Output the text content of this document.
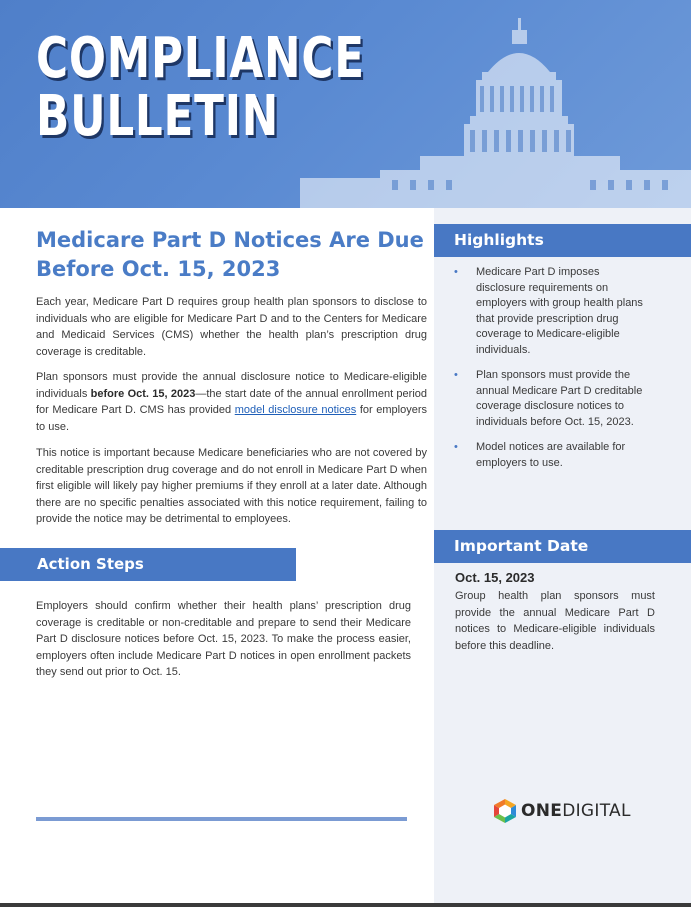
COMPLIANCE
BULLETIN
Medicare Part D Notices Are Due
Before Oct. 15, 2023

Each year, Medicare Part D requires group health plan sponsors to disclose to individuals who are eligible for Medicare Part D and to the Centers for Medicare and Medicaid Services (CMS) whether the health plan’s prescription drug coverage is creditable.

Plan sponsors must provide the annual disclosure notice to Medicare-eligible individuals before Oct. 15, 2023—the start date of the annual enrollment period for Medicare Part D. CMS has provided model disclosure notices for employers to use.

This notice is important because Medicare beneficiaries who are not covered by creditable prescription drug coverage and do not enroll in Medicare Part D when first eligible will likely pay higher premiums if they enroll at a later date. Although there are no specific penalties associated with this notice requirement, failing to provide the notice may be detrimental to employees.

Action Steps

Employers should confirm whether their health plans’ prescription drug coverage is creditable or non-creditable and prepare to send their Medicare Part D disclosure notices before Oct. 15, 2023. To make the process easier, employers often include Medicare Part D notices in open enrollment packets they send out prior to Oct. 15.

Highlights
• Medicare Part D imposes disclosure requirements on employers with group health plans that provide prescription drug coverage to Medicare-eligible individuals.
• Plan sponsors must provide the annual Medicare Part D creditable coverage disclosure notices to individuals before Oct. 15, 2023.
• Model notices are available for employers to use.
Important Date
Oct. 15, 2023
Group health plan sponsors must provide the annual Medicare Part D notices to Medicare-eligible individuals before this deadline.
ONEDIGITAL
